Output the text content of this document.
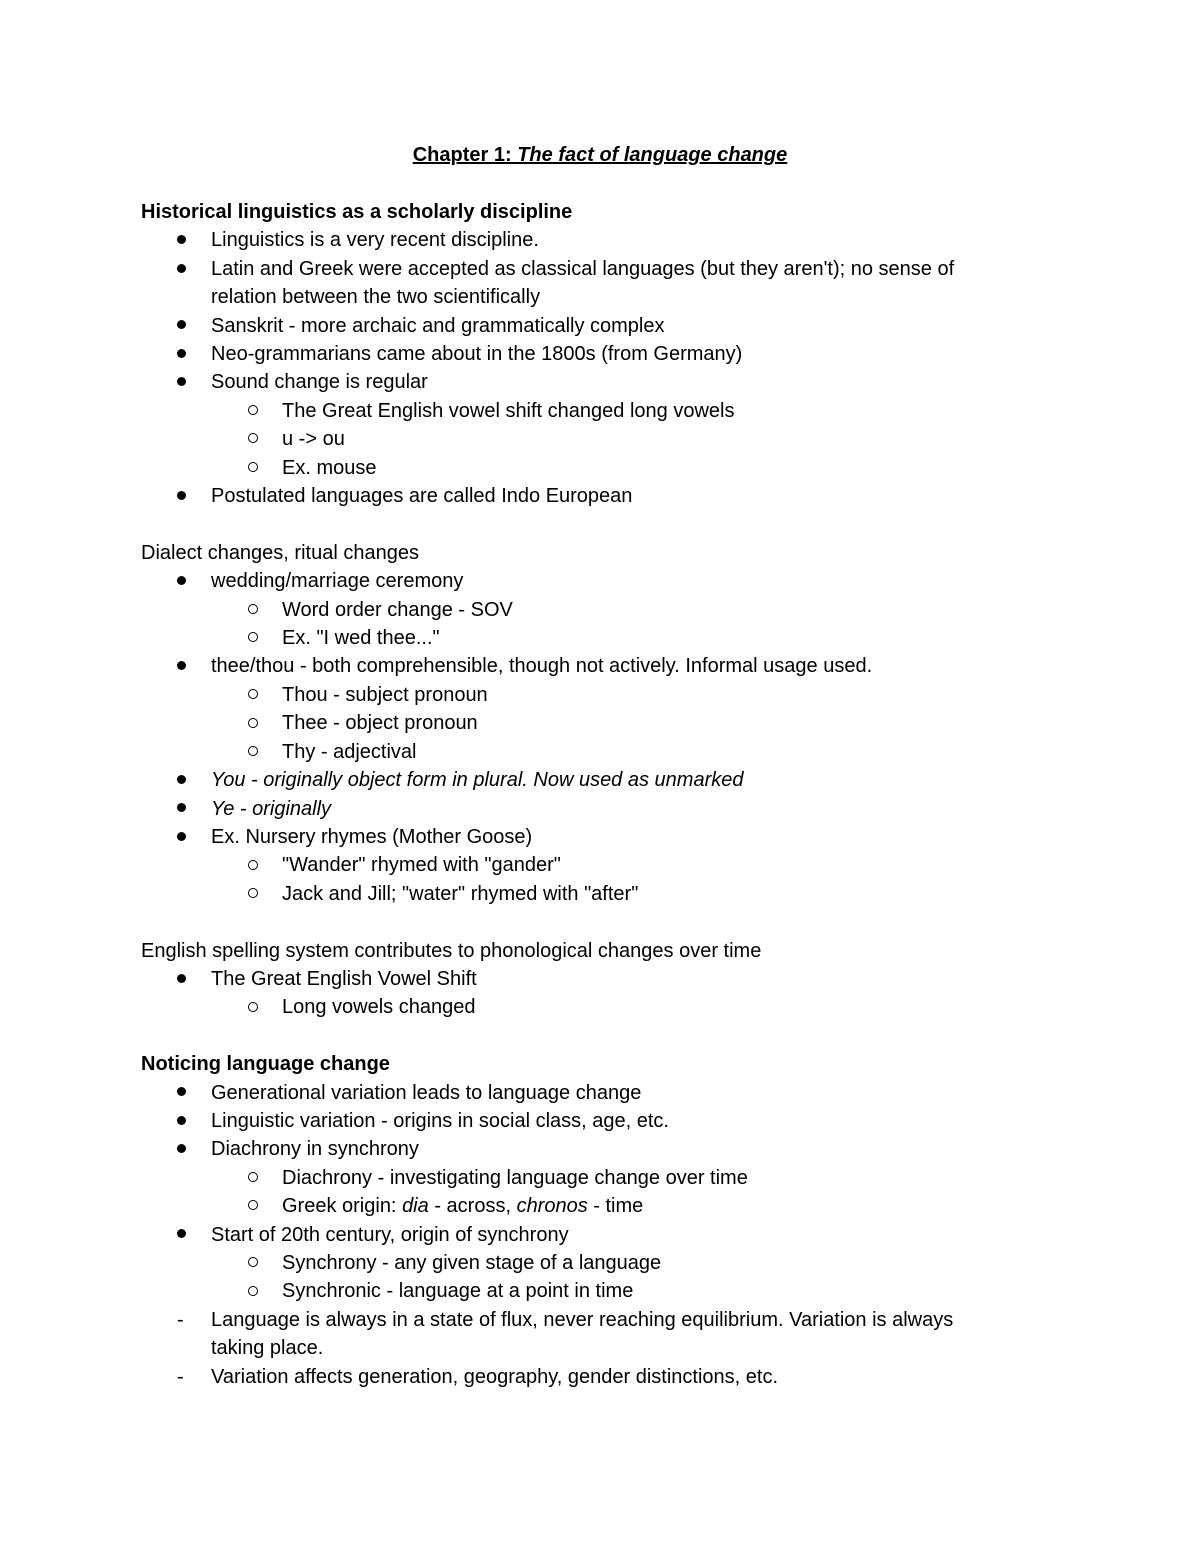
Chapter 1: The fact of language change
Historical linguistics as a scholarly discipline
Linguistics is a very recent discipline.
Latin and Greek were accepted as classical languages (but they aren't); no sense of
relation between the two scientifically
Sanskrit - more archaic and grammatically complex
Neo-grammarians came about in the 1800s (from Germany)
Sound change is regular
The Great English vowel shift changed long vowels
u -> ou
Ex. mouse
Postulated languages are called Indo European
Dialect changes, ritual changes
wedding/marriage ceremony
Word order change - SOV
Ex. "I wed thee..."
thee/thou - both comprehensible, though not actively. Informal usage used.
Thou - subject pronoun
Thee - object pronoun
Thy - adjectival
You - originally object form in plural. Now used as unmarked
Ye - originally
Ex. Nursery rhymes (Mother Goose)
"Wander" rhymed with "gander"
Jack and Jill; "water" rhymed with "after"
English spelling system contributes to phonological changes over time
The Great English Vowel Shift
Long vowels changed
Noticing language change
Generational variation leads to language change
Linguistic variation - origins in social class, age, etc.
Diachrony in synchrony
Diachrony - investigating language change over time
Greek origin: dia - across, chronos - time
Start of 20th century, origin of synchrony
Synchrony - any given stage of a language
Synchronic - language at a point in time
- Language is always in a state of flux, never reaching equilibrium. Variation is always
taking place.
- Variation affects generation, geography, gender distinctions, etc.
